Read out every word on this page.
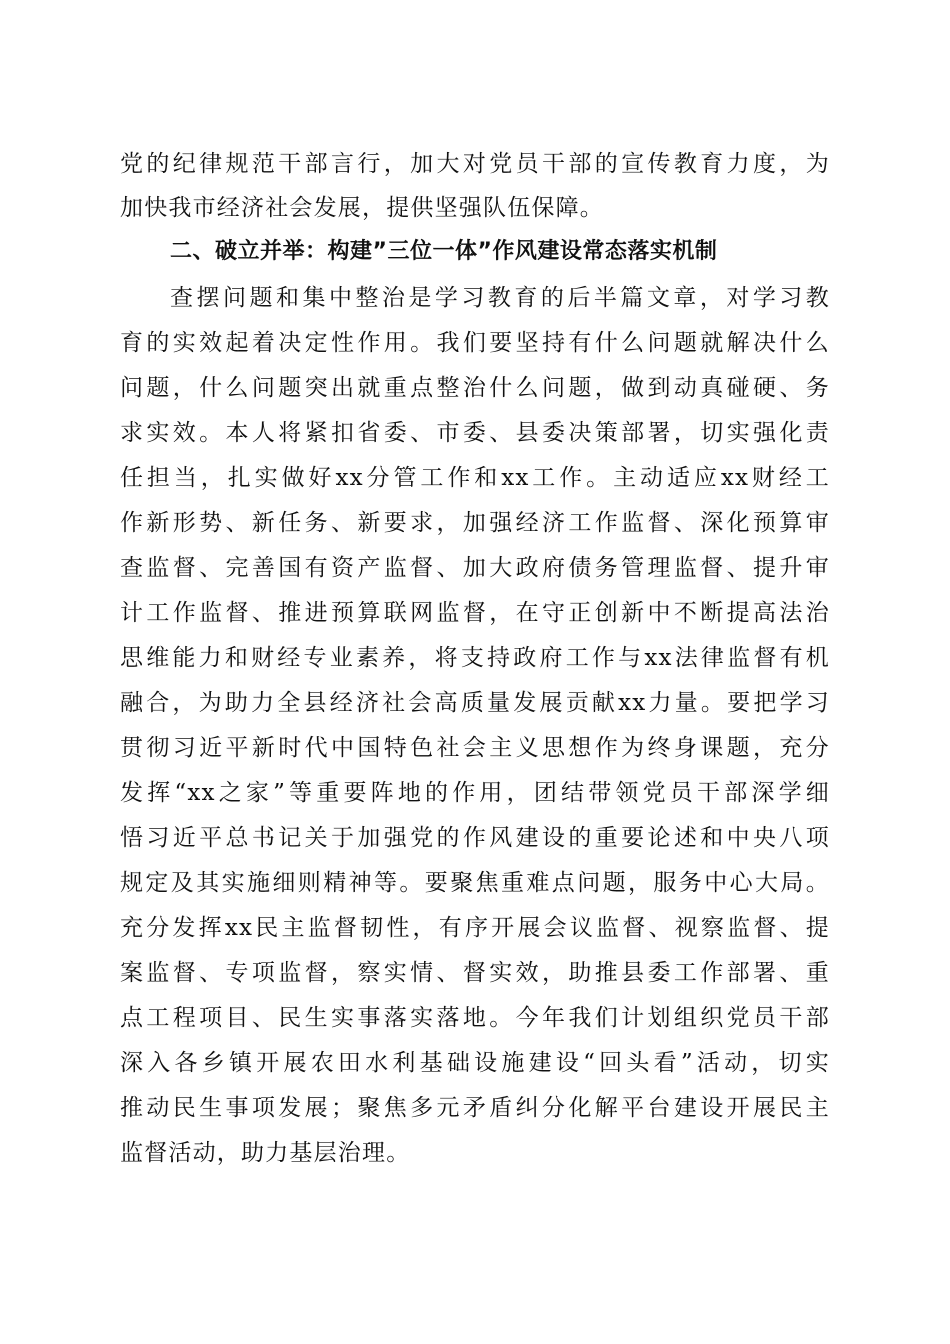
党的纪律规范干部言行，加大对党员干部的宣传教育力度，为
加快我市经济社会发展，提供坚强队伍保障。
二、破立并举：构建”三位一体”作风建设常态落实机制
查摆问题和集中整治是学习教育的后半篇文章，对学习教
育的实效起着决定性作用。我们要坚持有什么问题就解决什么
问题，什么问题突出就重点整治什么问题，做到动真碰硬、务
求实效。本人将紧扣省委、市委、县委决策部署，切实强化责
任担当，扎实做好xx分管工作和xx工作。主动适应xx财经工
作新形势、新任务、新要求，加强经济工作监督、深化预算审
查监督、完善国有资产监督、加大政府债务管理监督、提升审
计工作监督、推进预算联网监督，在守正创新中不断提高法治
思维能力和财经专业素养，将支持政府工作与xx法律监督有机
融合，为助力全县经济社会高质量发展贡献xx力量。要把学习
贯彻习近平新时代中国特色社会主义思想作为终身课题，充分
发挥“xx之家”等重要阵地的作用，团结带领党员干部深学细
悟习近平总书记关于加强党的作风建设的重要论述和中央八项
规定及其实施细则精神等。要聚焦重难点问题，服务中心大局。
充分发挥xx民主监督韧性，有序开展会议监督、视察监督、提
案监督、专项监督，察实情、督实效，助推县委工作部署、重
点工程项目、民生实事落实落地。今年我们计划组织党员干部
深入各乡镇开展农田水利基础设施建设“回头看”活动，切实
推动民生事项发展；聚焦多元矛盾纠分化解平台建设开展民主
监督活动，助力基层治理。
